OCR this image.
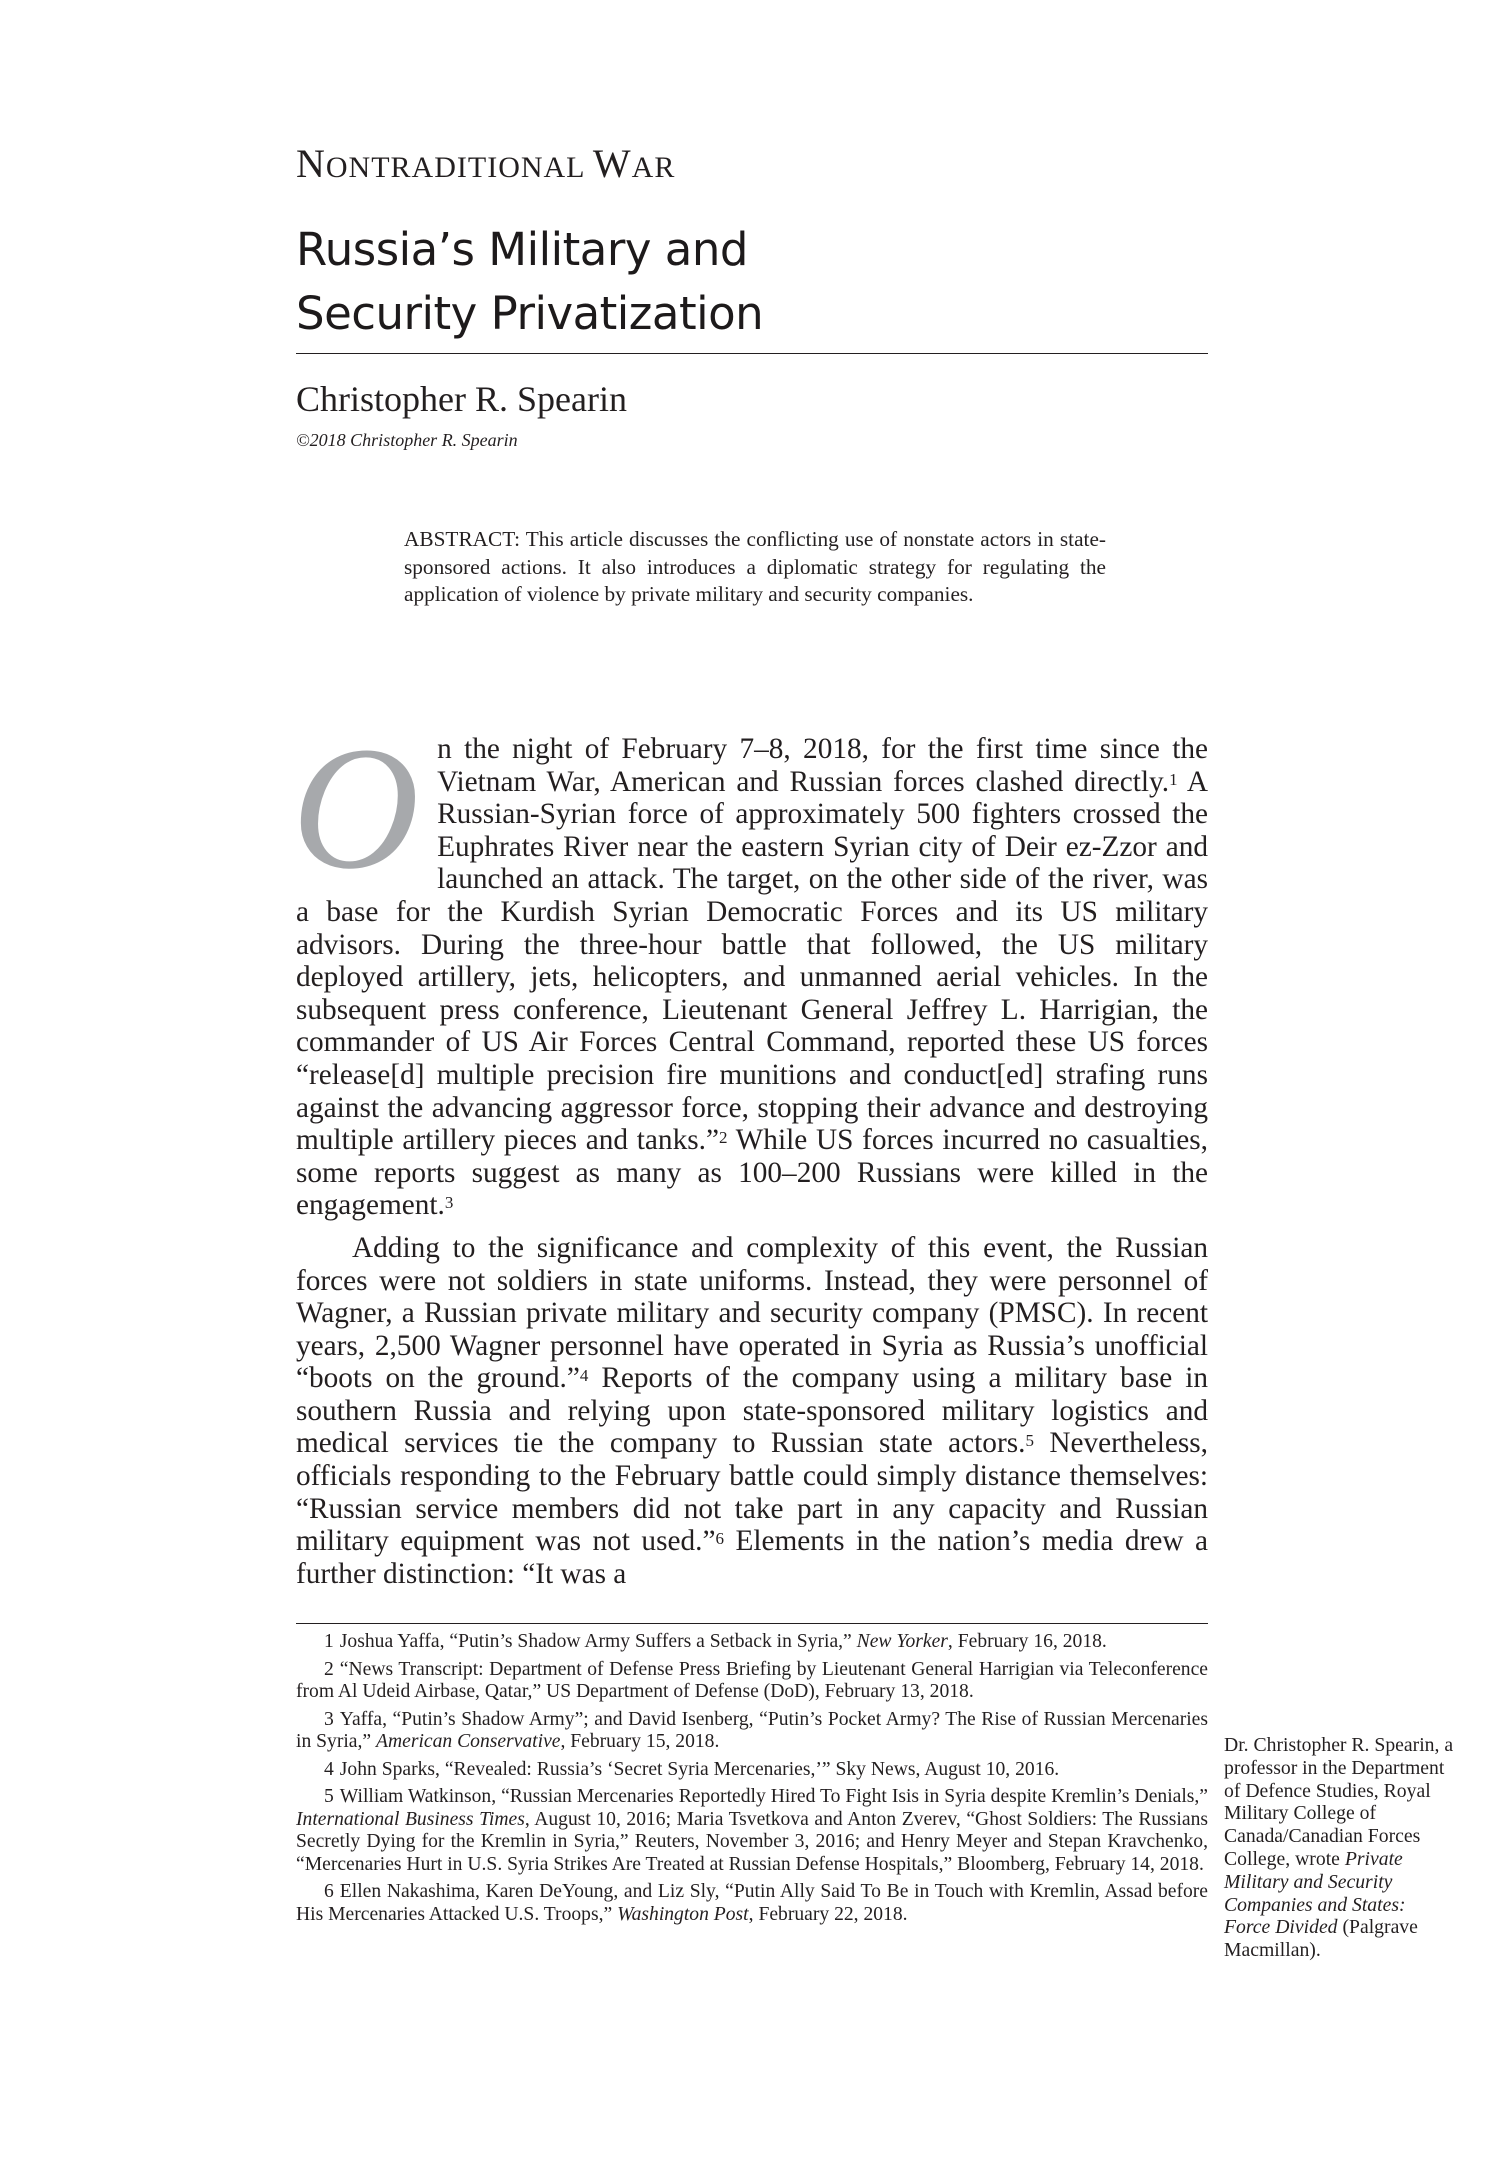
NONTRADITIONAL WAR
Russia’s Military and
Security Privatization
Christopher R. Spearin
©2018 Christopher R. Spearin
ABSTRACT: This article discusses the conflicting use of nonstate actors in state-sponsored actions. It also introduces a diplomatic strategy for regulating the application of violence by private military and security companies.

On the night of February 7–8, 2018, for the first time since the Vietnam War, American and Russian forces clashed directly.$^1$ A Russian-Syrian force of approximately 500 fighters crossed the Euphrates River near the eastern Syrian city of Deir ez-Zzor and launched an attack. The target, on the other side of the river, was a base for the Kurdish Syrian Democratic Forces and its US military advisors. During the three-hour battle that followed, the US military deployed artillery, jets, helicopters, and unmanned aerial vehicles. In the subsequent press conference, Lieutenant General Jeffrey L. Harrigian, the commander of US Air Forces Central Command, reported these US forces “release[d] multiple precision fire munitions and conduct[ed] strafing runs against the advancing aggressor force, stopping their advance and destroying multiple artillery pieces and tanks.”$^2$ While US forces incurred no casualties, some reports suggest as many as 100–200 Russians were killed in the engagement.$^3$

Adding to the significance and complexity of this event, the Russian forces were not soldiers in state uniforms. Instead, they were personnel of Wagner, a Russian private military and security company (PMSC). In recent years, 2,500 Wagner personnel have operated in Syria as Russia’s unofficial “boots on the ground.”$^4$ Reports of the company using a military base in southern Russia and relying upon state-sponsored military logistics and medical services tie the company to Russian state actors.$^5$ Nevertheless, officials responding to the February battle could simply distance themselves: “Russian service members did not take part in any capacity and Russian military equipment was not used.”$^6$ Elements in the nation’s media drew a further distinction: “It was a

1 Joshua Yaffa, “Putin’s Shadow Army Suffers a Setback in Syria,” New Yorker, February 16, 2018.
2 “News Transcript: Department of Defense Press Briefing by Lieutenant General Harrigian via Teleconference from Al Udeid Airbase, Qatar,” US Department of Defense (DoD), February 13, 2018.
3 Yaffa, “Putin’s Shadow Army”; and David Isenberg, “Putin’s Pocket Army? The Rise of Russian Mercenaries in Syria,” American Conservative, February 15, 2018.
4 John Sparks, “Revealed: Russia’s ‘Secret Syria Mercenaries,’” Sky News, August 10, 2016.
5 William Watkinson, “Russian Mercenaries Reportedly Hired To Fight Isis in Syria despite Kremlin’s Denials,” International Business Times, August 10, 2016; Maria Tsvetkova and Anton Zverev, “Ghost Soldiers: The Russians Secretly Dying for the Kremlin in Syria,” Reuters, November 3, 2016; and Henry Meyer and Stepan Kravchenko, “Mercenaries Hurt in U.S. Syria Strikes Are Treated at Russian Defense Hospitals,” Bloomberg, February 14, 2018.
6 Ellen Nakashima, Karen DeYoung, and Liz Sly, “Putin Ally Said To Be in Touch with Kremlin, Assad before His Mercenaries Attacked U.S. Troops,” Washington Post, February 22, 2018.
Dr. Christopher R. Spearin, a professor in the Department of Defence Studies, Royal Military College of Canada/Canadian Forces College, wrote Private Military and Security Companies and States: Force Divided (Palgrave Macmillan).
